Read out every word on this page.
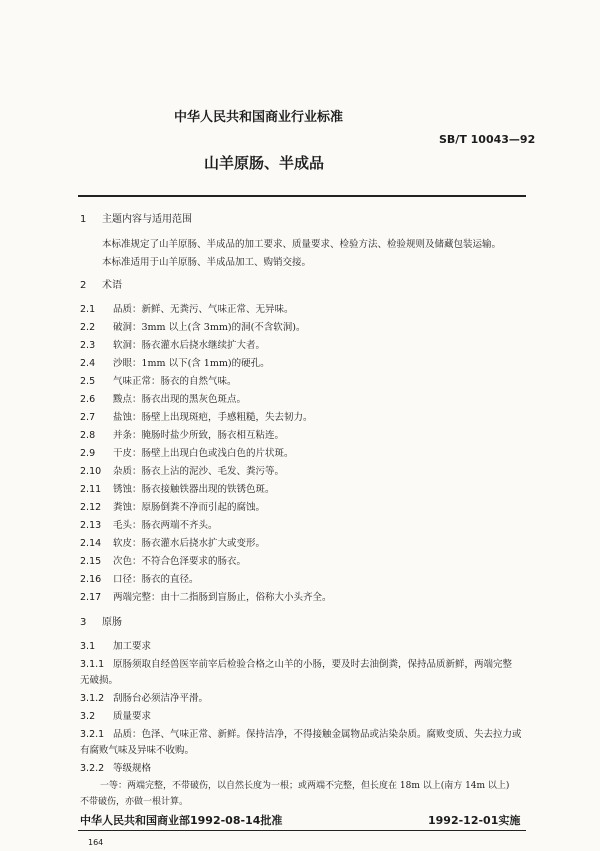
中华人民共和国商业行业标准
SB/T 10043—92
山羊原肠、半成品
1 主题内容与适用范围
本标准规定了山羊原肠、半成品的加工要求、质量要求、检验方法、检验规则及储藏包装运输。
本标准适用于山羊原肠、半成品加工、购销交接。
2 术语
2.1 品质：新鲜、无粪污、气味正常、无异味。
2.2 破洞：3mm 以上(含 3mm)的洞(不含软洞)。
2.3 软洞：肠衣灌水后挠水继续扩大者。
2.4 沙眼：1mm 以下(含 1mm)的硬孔。
2.5 气味正常：肠衣的自然气味。
2.6 黢点：肠衣出现的黑灰色斑点。
2.7 盐蚀：肠壁上出现斑疤，手感粗糙，失去韧力。
2.8 并条：腌肠时盐少所致，肠衣相互粘连。
2.9 干皮：肠壁上出现白色或浅白色的片状斑。
2.10 杂质：肠衣上沾的泥沙、毛发、粪污等。
2.11 锈蚀：肠衣接触铁器出现的铁锈色斑。
2.12 粪蚀：原肠倒粪不净而引起的腐蚀。
2.13 毛头：肠衣两端不齐头。
2.14 软皮：肠衣灌水后挠水扩大或变形。
2.15 次色：不符合色泽要求的肠衣。
2.16 口径：肠衣的直径。
2.17 两端完整：由十二指肠到盲肠止，俗称大小头齐全。
3 原肠
3.1 加工要求
3.1.1 原肠须取自经兽医宰前宰后检验合格之山羊的小肠，要及时去油倒粪，保持品质新鲜，两端完整
无破损。
3.1.2 刮肠台必须洁净平滑。
3.2 质量要求
3.2.1 品质：色泽、气味正常、新鲜。保持洁净，不得接触金属物品或沾染杂质。腐败变质、失去拉力或
有腐败气味及异味不收购。
3.2.2 等级规格
一等：两端完整，不带破伤，以自然长度为一根；或两端不完整，但长度在 18m 以上(南方 14m 以上)
不带破伤，亦做一根计算。
中华人民共和国商业部1992-08-14批准	1992-12-01实施
164
